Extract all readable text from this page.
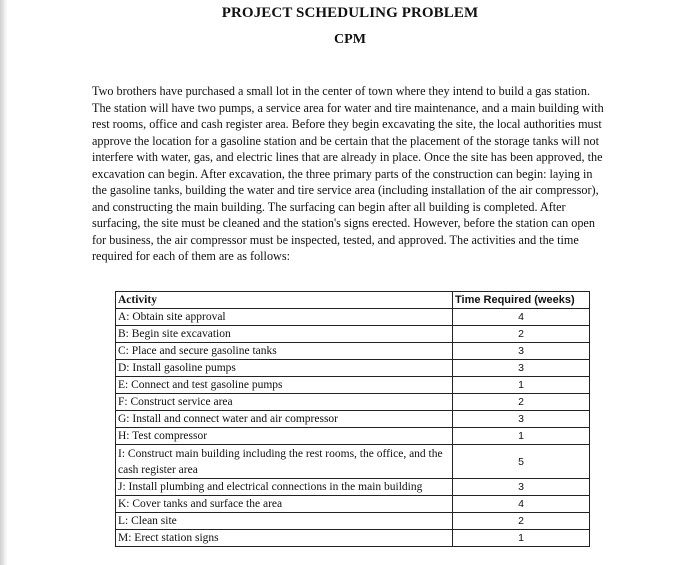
PROJECT SCHEDULING PROBLEM
CPM
Two brothers have purchased a small lot in the center of town where they intend to build a gas station. The station will have two pumps, a service area for water and tire maintenance, and a main building with rest rooms, office and cash register area. Before they begin excavating the site, the local authorities must approve the location for a gasoline station and be certain that the placement of the storage tanks will not interfere with water, gas, and electric lines that are already in place. Once the site has been approved, the excavation can begin. After excavation, the three primary parts of the construction can begin: laying in the gasoline tanks, building the water and tire service area (including installation of the air compressor), and constructing the main building. The surfacing can begin after all building is completed. After surfacing, the site must be cleaned and the station's signs erected. However, before the station can open for business, the air compressor must be inspected, tested, and approved. The activities and the time required for each of them are as follows:
Activity	Time Required (weeks)
A: Obtain site approval	4
B: Begin site excavation	2
C: Place and secure gasoline tanks	3
D: Install gasoline pumps	3
E: Connect and test gasoline pumps	1
F: Construct service area	2
G: Install and connect water and air compressor	3
H: Test compressor	1
I: Construct main building including the rest rooms, the office, and the cash register area	5
J: Install plumbing and electrical connections in the main building	3
K: Cover tanks and surface the area	4
L: Clean site	2
M: Erect station signs	1
